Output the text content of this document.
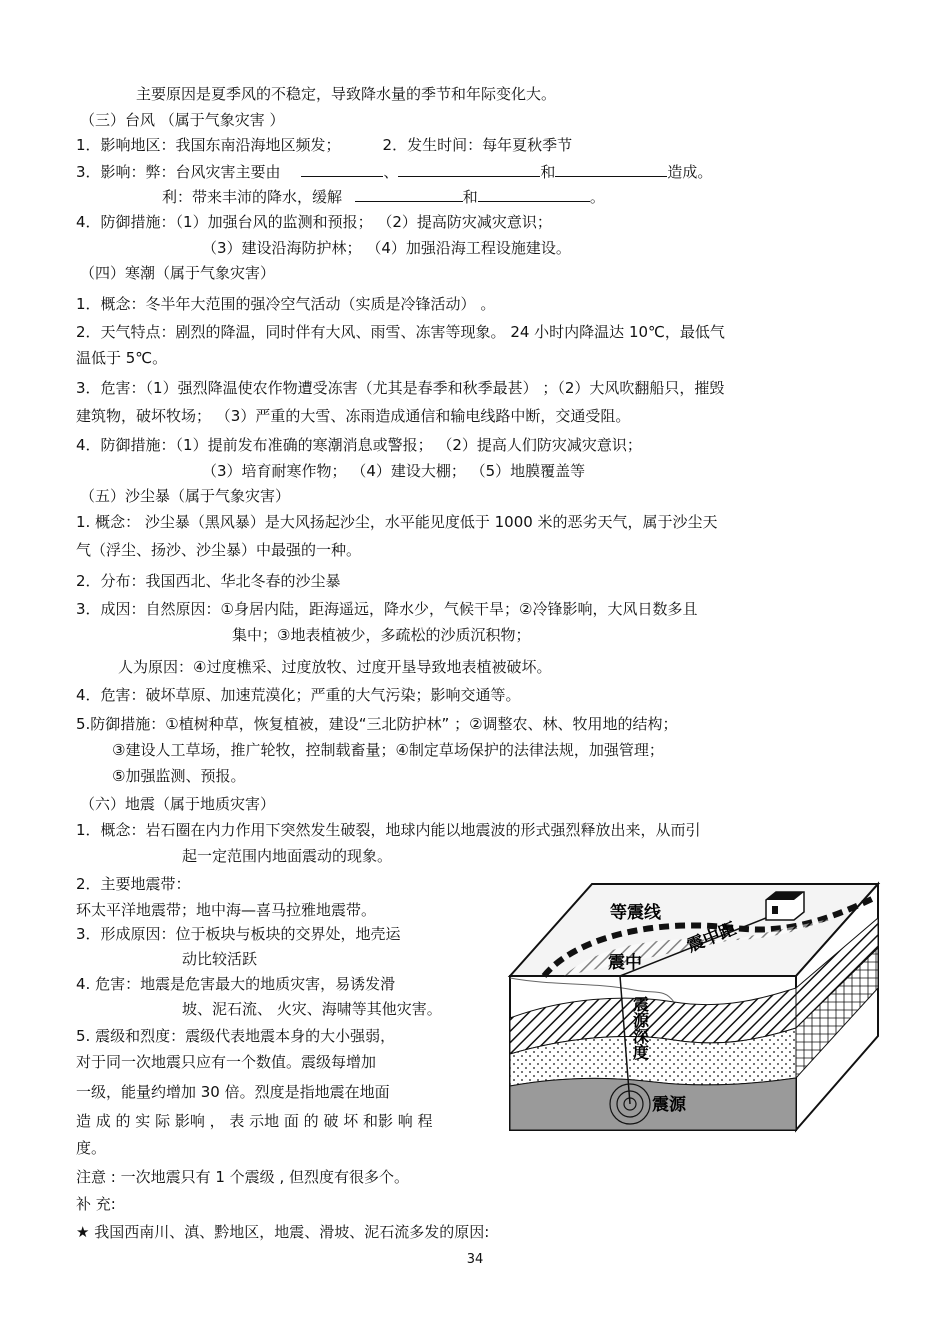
主要原因是夏季风的不稳定，导致降水量的季节和年际变化大。
（三）台风 （属于气象灾害 ）
1．影响地区：我国东南沿海地区频发；	2．发生时间：每年夏秋季节
3．影响：弊：台风灾害主要由	、	和	造成。
利：带来丰沛的降水，缓解	和	。
4．防御措施：（1）加强台风的监测和预报； （2）提高防灾减灾意识；
（3）建设沿海防护林； （4）加强沿海工程设施建设。
（四）寒潮（属于气象灾害）
1．概念：冬半年大范围的强冷空气活动（实质是冷锋活动） 。
2．天气特点：剧烈的降温，同时伴有大风、雨雪、冻害等现象。 24 小时内降温达 10℃，最低气
温低于 5℃。
3．危害：（1）强烈降温使农作物遭受冻害（尤其是春季和秋季最甚） ；（2）大风吹翻船只，摧毁
建筑物，破坏牧场； （3）严重的大雪、冻雨造成通信和输电线路中断，交通受阻。
4．防御措施：（1）提前发布准确的寒潮消息或警报； （2）提高人们防灾减灾意识；
（3）培育耐寒作物； （4）建设大棚； （5）地膜覆盖等
（五）沙尘暴（属于气象灾害）
1. 概念： 沙尘暴（黑风暴）是大风扬起沙尘，水平能见度低于 1000 米的恶劣天气，属于沙尘天
气（浮尘、扬沙、沙尘暴）中最强的一种。
2．分布：我国西北、华北冬春的沙尘暴
3．成因：自然原因：①身居内陆，距海遥远，降水少，气候干旱；②冷锋影响，大风日数多且
集中；③地表植被少，多疏松的沙质沉积物；
人为原因：④过度樵采、过度放牧、过度开垦导致地表植被破坏。
4．危害：破坏草原、加速荒漠化；严重的大气污染；影响交通等。
5.防御措施：①植树种草，恢复植被，建设“三北防护林” ；②调整农、林、牧用地的结构；
③建设人工草场，推广轮牧，控制载畜量；④制定草场保护的法律法规，加强管理；
⑤加强监测、预报。
（六）地震（属于地质灾害）
1．概念：岩石圈在内力作用下突然发生破裂，地球内能以地震波的形式强烈释放出来，从而引
起一定范围内地面震动的现象。
2．主要地震带：
环太平洋地震带；地中海—喜马拉雅地震带。
3．形成原因：位于板块与板块的交界处，地壳运
动比较活跃
4. 危害：地震是危害最大的地质灾害，易诱发滑
坡、泥石流、 火灾、海啸等其他灾害。
5. 震级和烈度：震级代表地震本身的大小强弱，
对于同一次地震只应有一个数值。震级每增加
一级，能量约增加 30 倍。烈度是指地震在地面
造 成 的 实 际 影响 ， 表 示地 面 的 破 坏 和影 响 程
度。
注意 : 一次地震只有 1 个震级 , 但烈度有很多个。
补 充:
★ 我国西南川、滇、黔地区，地震、滑坡、泥石流多发的原因:
34
等震线
震中距
震中
震源深度
震源
